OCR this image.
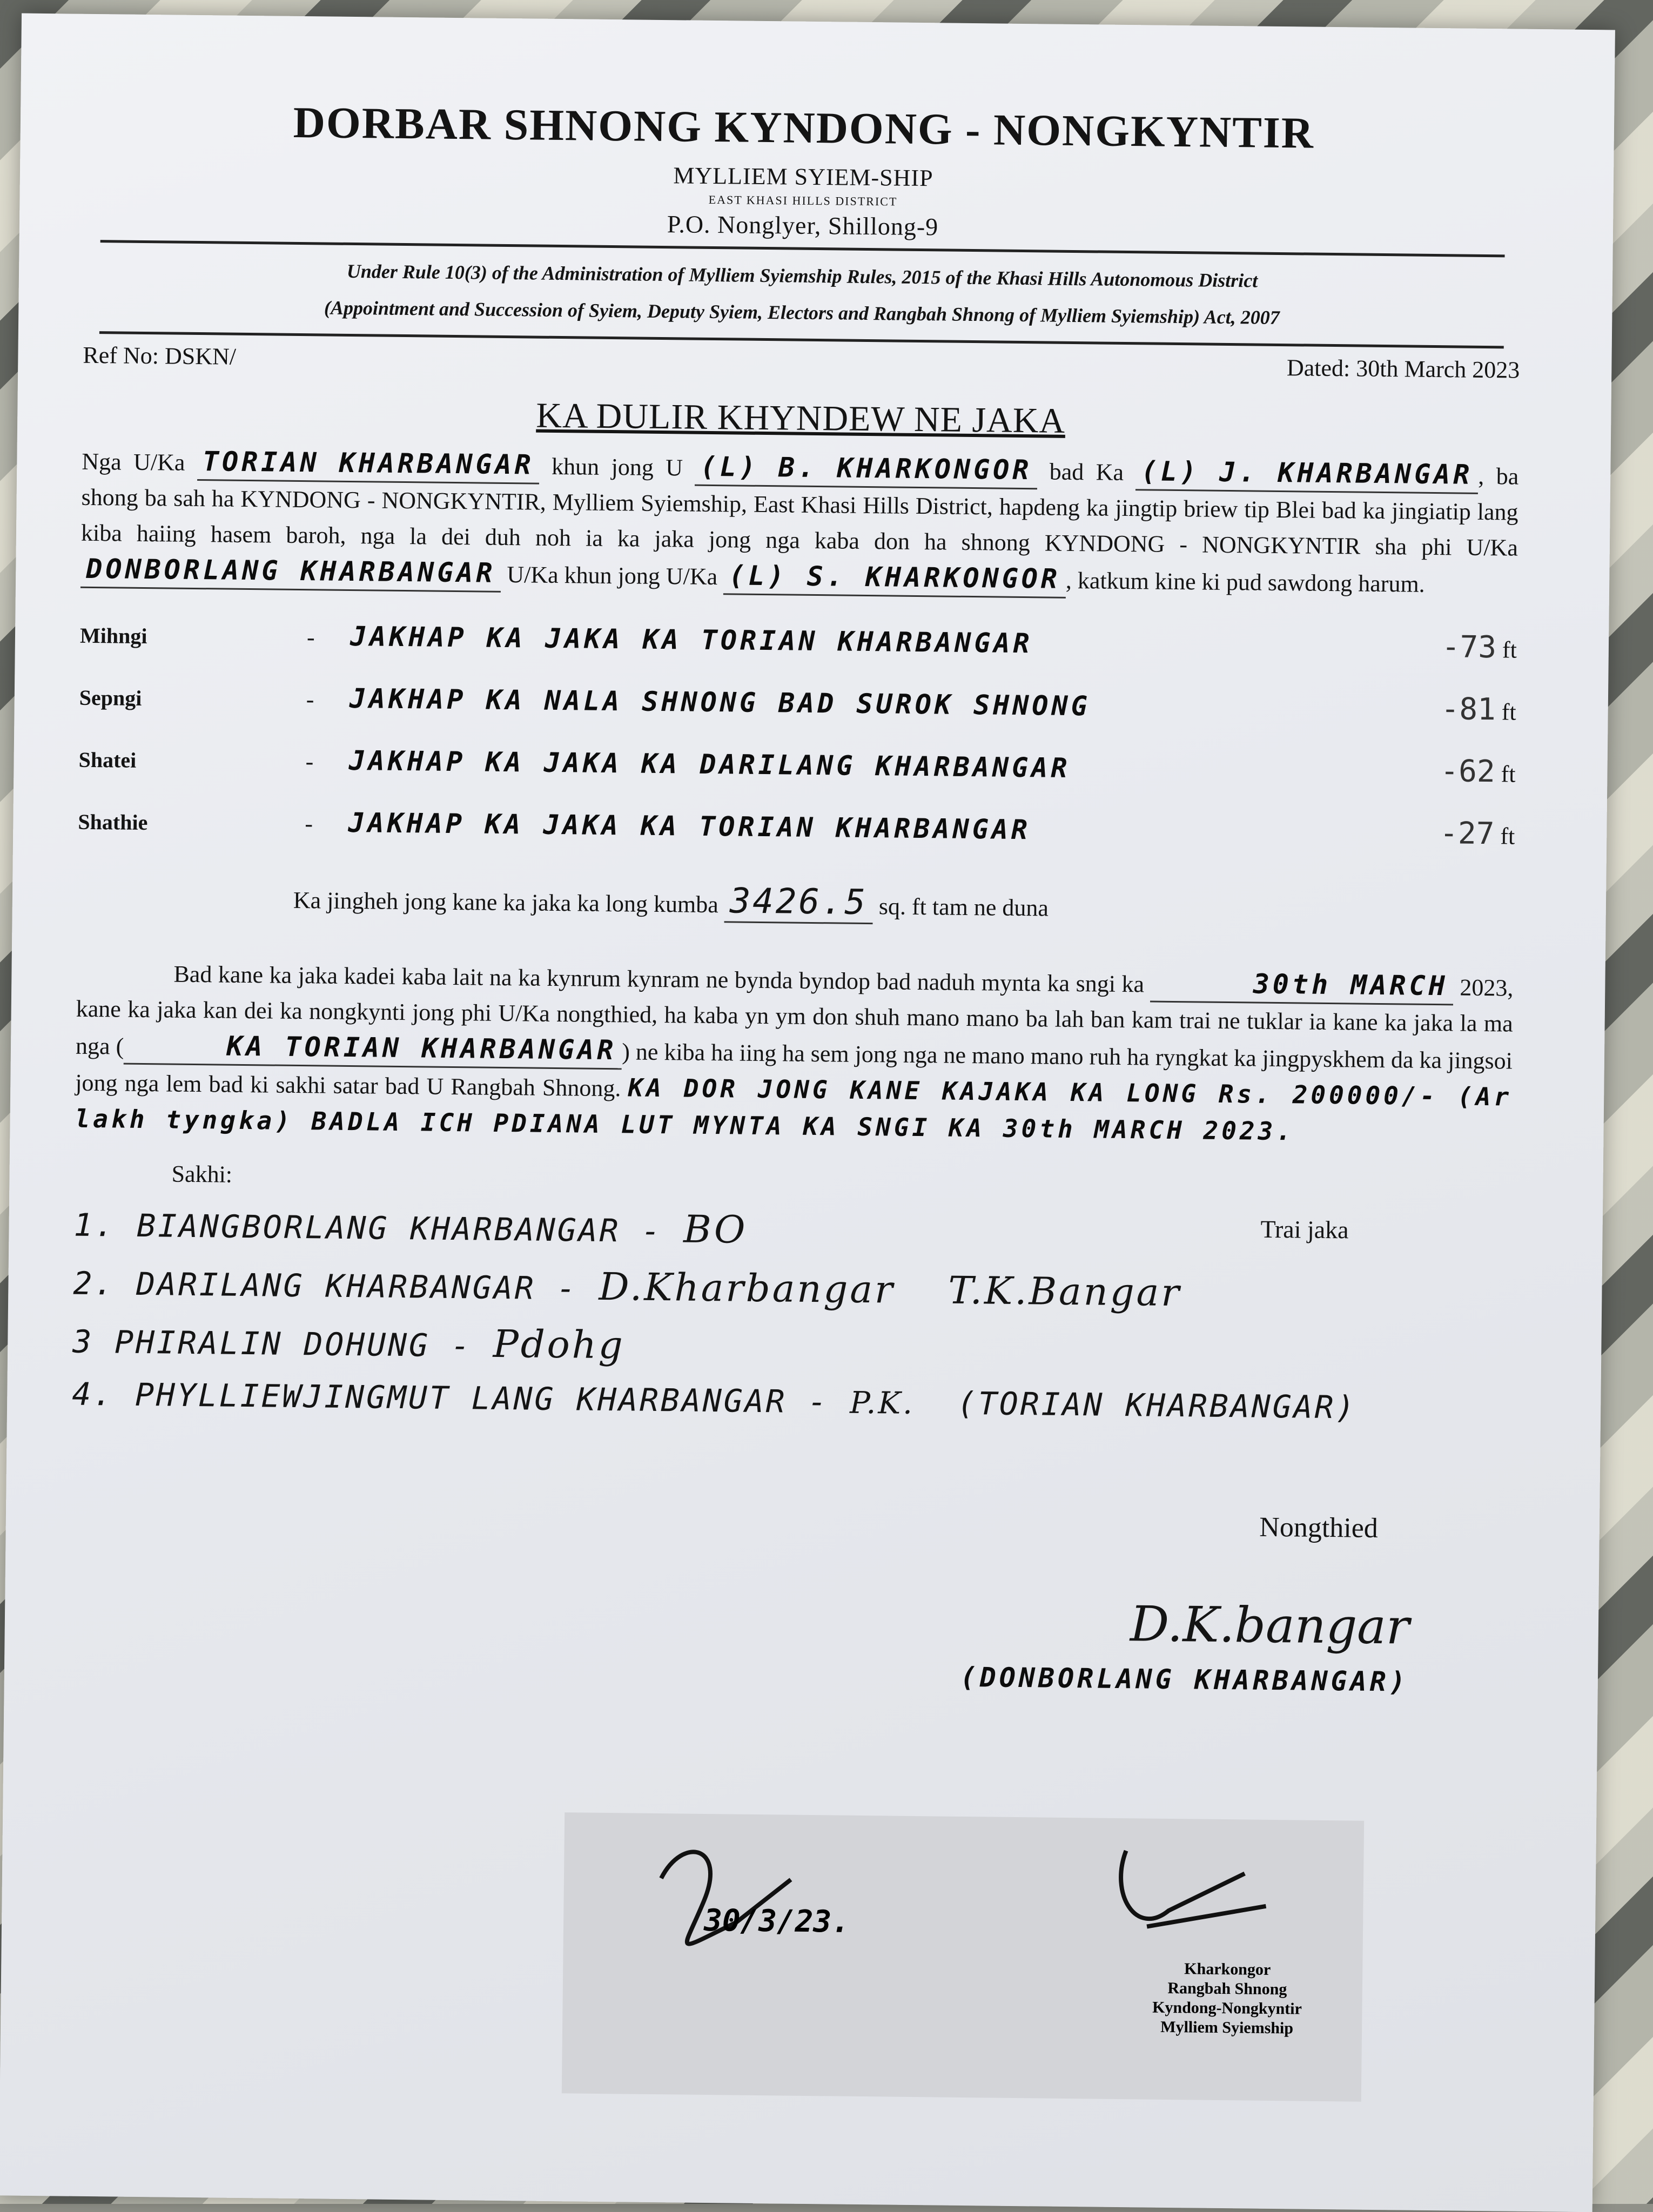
DORBAR SHNONG KYNDONG - NONGKYNTIR

MYLLIEM SYIEM-SHIP

EAST KHASI HILLS DISTRICT

P.O. Nonglyer, Shillong-9

Under Rule 10(3) of the Administration of Mylliem Syiemship Rules, 2015 of the Khasi Hills Autonomous District

(Appointment and Succession of Syiem, Deputy Syiem, Electors and Rangbah Shnong of Mylliem Syiemship) Act, 2007

Ref No: DSKN/	Dated: 30th March 2023
KA DULIR KHYNDEW NE JAKA

Nga U/Ka TORIAN KHARBANGAR khun jong U (L) B. KHARKONGOR bad Ka (L) J. KHARBANGAR , ba shong ba sah ha KYNDONG - NONGKYNTIR, Mylliem Syiemship, East Khasi Hills District, hapdeng ka jingtip briew tip Blei bad ka jingiatip lang kiba haiing hasem baroh, nga la dei duh noh ia ka jaka jong nga kaba don ha shnong KYNDONG - NONGKYNTIR sha phi U/Ka DONBORLANG KHARBANGAR U/Ka khun jong U/Ka (L) S. KHARKONGOR , katkum kine ki pud sawdong harum.

Mihngi	-	JAKHAP KA JAKA KA TORIAN KHARBANGAR	-73 ft
Sepngi	-	JAKHAP KA NALA SHNONG BAD SUROK SHNONG	-81 ft
Shatei	-	JAKHAP KA JAKA KA DARILANG KHARBANGAR	-62 ft
Shathie	-	JAKHAP KA JAKA KA TORIAN KHARBANGAR	-27 ft
Ka jingheh jong kane ka jaka ka long kumba 3426.5 sq. ft tam ne duna

Bad kane ka jaka kadei kaba lait na ka kynrum kynram ne bynda byndop bad naduh mynta ka sngi ka	30th MARCH 2023, kane ka jaka kan dei ka nongkynti jong phi U/Ka nongthied, ha kaba yn ym don shuh mano mano ba lah ban kam trai ne tuklar ia kane ka jaka la ma nga (	KA TORIAN KHARBANGAR ) ne kiba ha iing ha sem jong nga ne mano mano ruh ha ryngkat ka jingpyskhem da ka jingsoi jong nga lem bad ki sakhi satar bad U Rangbah Shnong. KA DOR JONG KANE KAJAKA KA LONG Rs. 200000/- (Ar lakh tyngka) BADLA ICH PDIANA LUT MYNTA KA SNGI KA 30th MARCH 2023.

Sakhi:
Trai jaka
1. BIANGBORLANG KHARBANGAR - BO
2. DARILANG KHARBANGAR - D.Kharbangar T.K.Bangar
3 PHIRALIN DOHUNG - Pdohg
4. PHYLLIEWJINGMUT LANG KHARBANGAR - P.K. (TORIAN KHARBANGAR)
Nongthied
D.K.bangar
(DONBORLANG KHARBANGAR)
30/3/23.
Kharkongor
Rangbah Shnong
Kyndong-Nongkyntir
Mylliem Syiemship
